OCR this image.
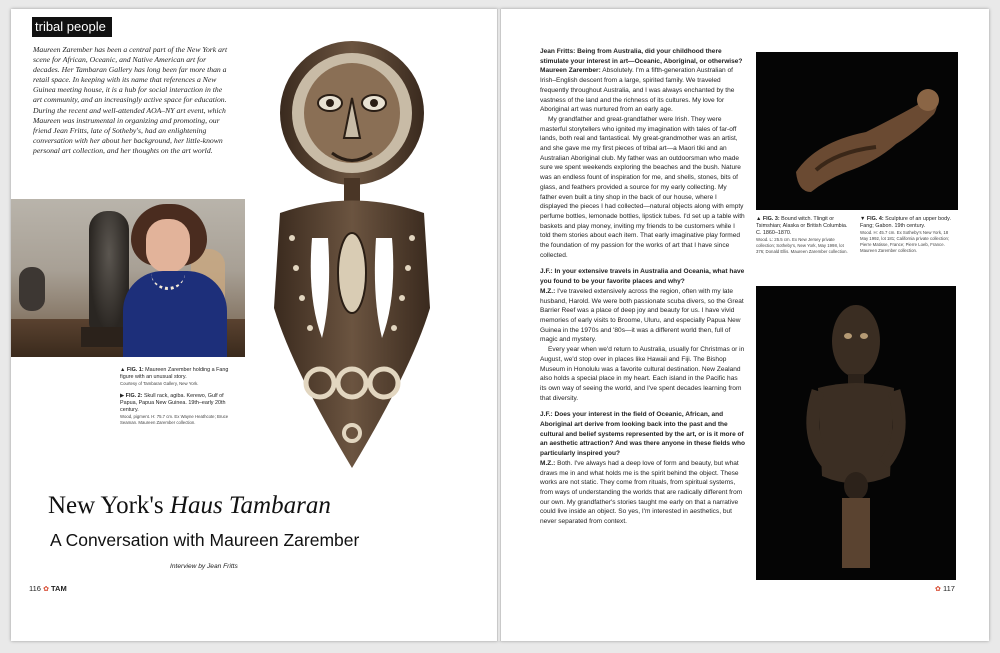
tribal people

Maureen Zarember has been a central part of the New York art scene for African, Oceanic, and Native American art for decades. Her Tambaran Gallery has long been far more than a retail space. In keeping with its name that references a New Guinea meeting house, it is a hub for social interaction in the art community, and an increasingly active space for education. During the recent and well-attended AOA–NY art event, which Maureen was instrumental in organizing and promoting, our friend Jean Fritts, late of Sotheby's, had an enlightening conversation with her about her background, her little-known personal art collection, and her thoughts on the art world.

▲ FIG. 1: Maureen Zarember holding a Fang figure with an unusual story.
Courtesy of Tambaran Gallery, New York.
▶ FIG. 2: Skull rack, agiba. Kerewo, Gulf of Papua, Papua New Guinea. 19th–early 20th century.
Wood, pigment. H: 75.7 cm. Ex Wayne Heathcote; Bruce Seaman. Maureen Zarember collection.
New York's Haus Tambaran
A Conversation with Maureen Zarember
Interview by Jean Fritts
116 ✿ TAM	✿ 117

Jean Fritts: Being from Australia, did your childhood there stimulate your interest in art—Oceanic, Aboriginal, or otherwise?

Maureen Zarember: Absolutely. I'm a fifth-generation Australian of Irish–English descent from a large, spirited family. We traveled frequently throughout Australia, and I was always enchanted by the vastness of the land and the richness of its cultures. My love for Aboriginal art was nurtured from an early age.

My grandfather and great-grandfather were Irish. They were masterful storytellers who ignited my imagination with tales of far-off lands, both real and fantastical. My great-grandmother was an artist, and she gave me my first pieces of tribal art—a Maori tiki and an Australian Aboriginal club. My father was an outdoorsman who made sure we spent weekends exploring the beaches and the bush. Nature was an endless fount of inspiration for me, and shells, stones, bits of glass, and feathers provided a source for my early collecting. My father even built a tiny shop in the back of our house, where I displayed the pieces I had collected—natural objects along with empty perfume bottles, lemonade bottles, lipstick tubes. I'd set up a table with baskets and play money, inviting my friends to be customers while I told them stories about each item. That early imaginative play formed the foundation of my passion for the works of art that I have since collected.

J.F.: In your extensive travels in Australia and Oceania, what have you found to be your favorite places and why?

M.Z.: I've traveled extensively across the region, often with my late husband, Harold. We were both passionate scuba divers, so the Great Barrier Reef was a place of deep joy and beauty for us. I have vivid memories of early visits to Broome, Uluru, and especially Papua New Guinea in the 1970s and '80s—it was a different world then, full of magic and mystery.

Every year when we'd return to Australia, usually for Christmas or in August, we'd stop over in places like Hawaii and Fiji. The Bishop Museum in Honolulu was a favorite cultural destination. New Zealand also holds a special place in my heart. Each island in the Pacific has its own way of seeing the world, and I've spent decades learning from that diversity.

J.F.: Does your interest in the field of Oceanic, African, and Aboriginal art derive from looking back into the past and the cultural and belief systems represented by the art, or is it more of an aesthetic attraction? And was there anyone in these fields who particularly inspired you?

M.Z.: Both. I've always had a deep love of form and beauty, but what draws me in and what holds me is the spirit behind the object. These works are not static. They come from rituals, from spiritual systems, from ways of understanding the worlds that are radically different from our own. My grandfather's stories taught me early on that a narrative could live inside an object. So yes, I'm interested in aesthetics, but never separated from context.

▲ FIG. 3: Bound witch. Tlingit or Tsimshian; Alaska or British Columbia. C. 1860–1870.
Wood. L: 25.5 cm. Ex New Jersey private collection; Sotheby's, New York, May 1998, lot 376; Donald Ellis. Maureen Zarember collection.
▼ FIG. 4: Sculpture of an upper body. Fang; Gabon. 19th century.
Wood. H: 45.7 cm. Ex Sotheby's New York, 18 May 1992, lot 181; California private collection; Pierre Matisse, France; Pierre Loeb, France. Maureen Zarember collection.
